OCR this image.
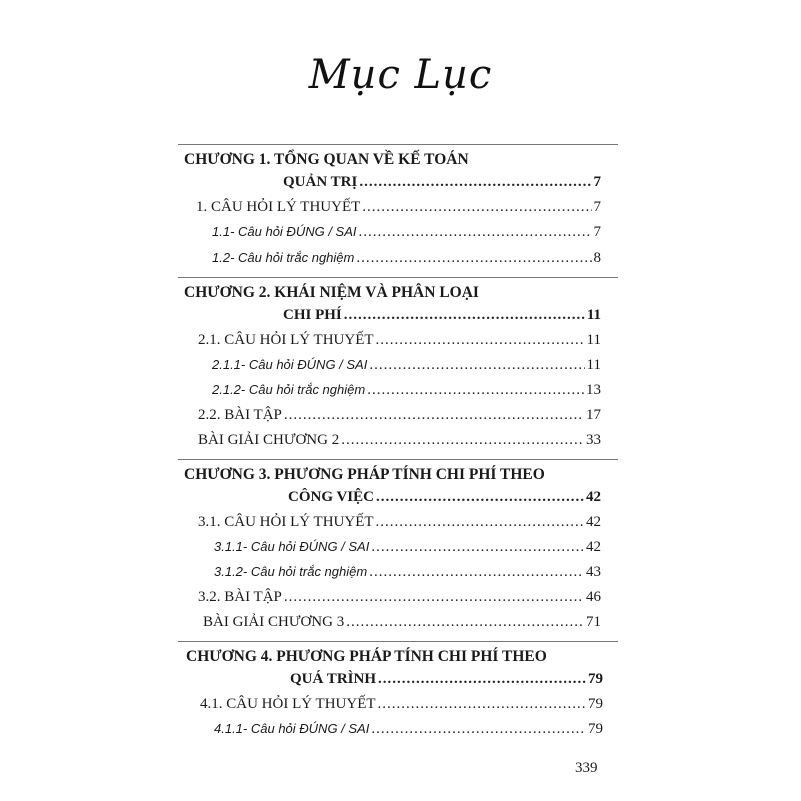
Mục Lục
CHƯƠNG 1. TỔNG QUAN VỀ KẾ TOÁN
QUẢN TRỊ .....	7
1. CÂU HỎI LÝ THUYẾT .....	7
1.1- Câu hỏi ĐÚNG / SAI .....	7
1.2- Câu hỏi trắc nghiệm .....	8
CHƯƠNG 2. KHÁI NIỆM VÀ PHÂN LOẠI
CHI PHÍ .....	11
2.1. CÂU HỎI LÝ THUYẾT .....	11
2.1.1- Câu hỏi ĐÚNG / SAI .....	11
2.1.2- Câu hỏi trắc nghiệm .....	13
2.2. BÀI TẬP .....	17
BÀI GIẢI CHƯƠNG 2 .....	33
CHƯƠNG 3. PHƯƠNG PHÁP TÍNH CHI PHÍ THEO
CÔNG VIỆC .....	42
3.1. CÂU HỎI LÝ THUYẾT .....	42
3.1.1- Câu hỏi ĐÚNG / SAI .....	42
3.1.2- Câu hỏi trắc nghiệm .....	43
3.2. BÀI TẬP .....	46
BÀI GIẢI CHƯƠNG 3 .....	71
CHƯƠNG 4. PHƯƠNG PHÁP TÍNH CHI PHÍ THEO
QUÁ TRÌNH .....	79
4.1. CÂU HỎI LÝ THUYẾT .....	79
4.1.1- Câu hỏi ĐÚNG / SAI .....	79
339
